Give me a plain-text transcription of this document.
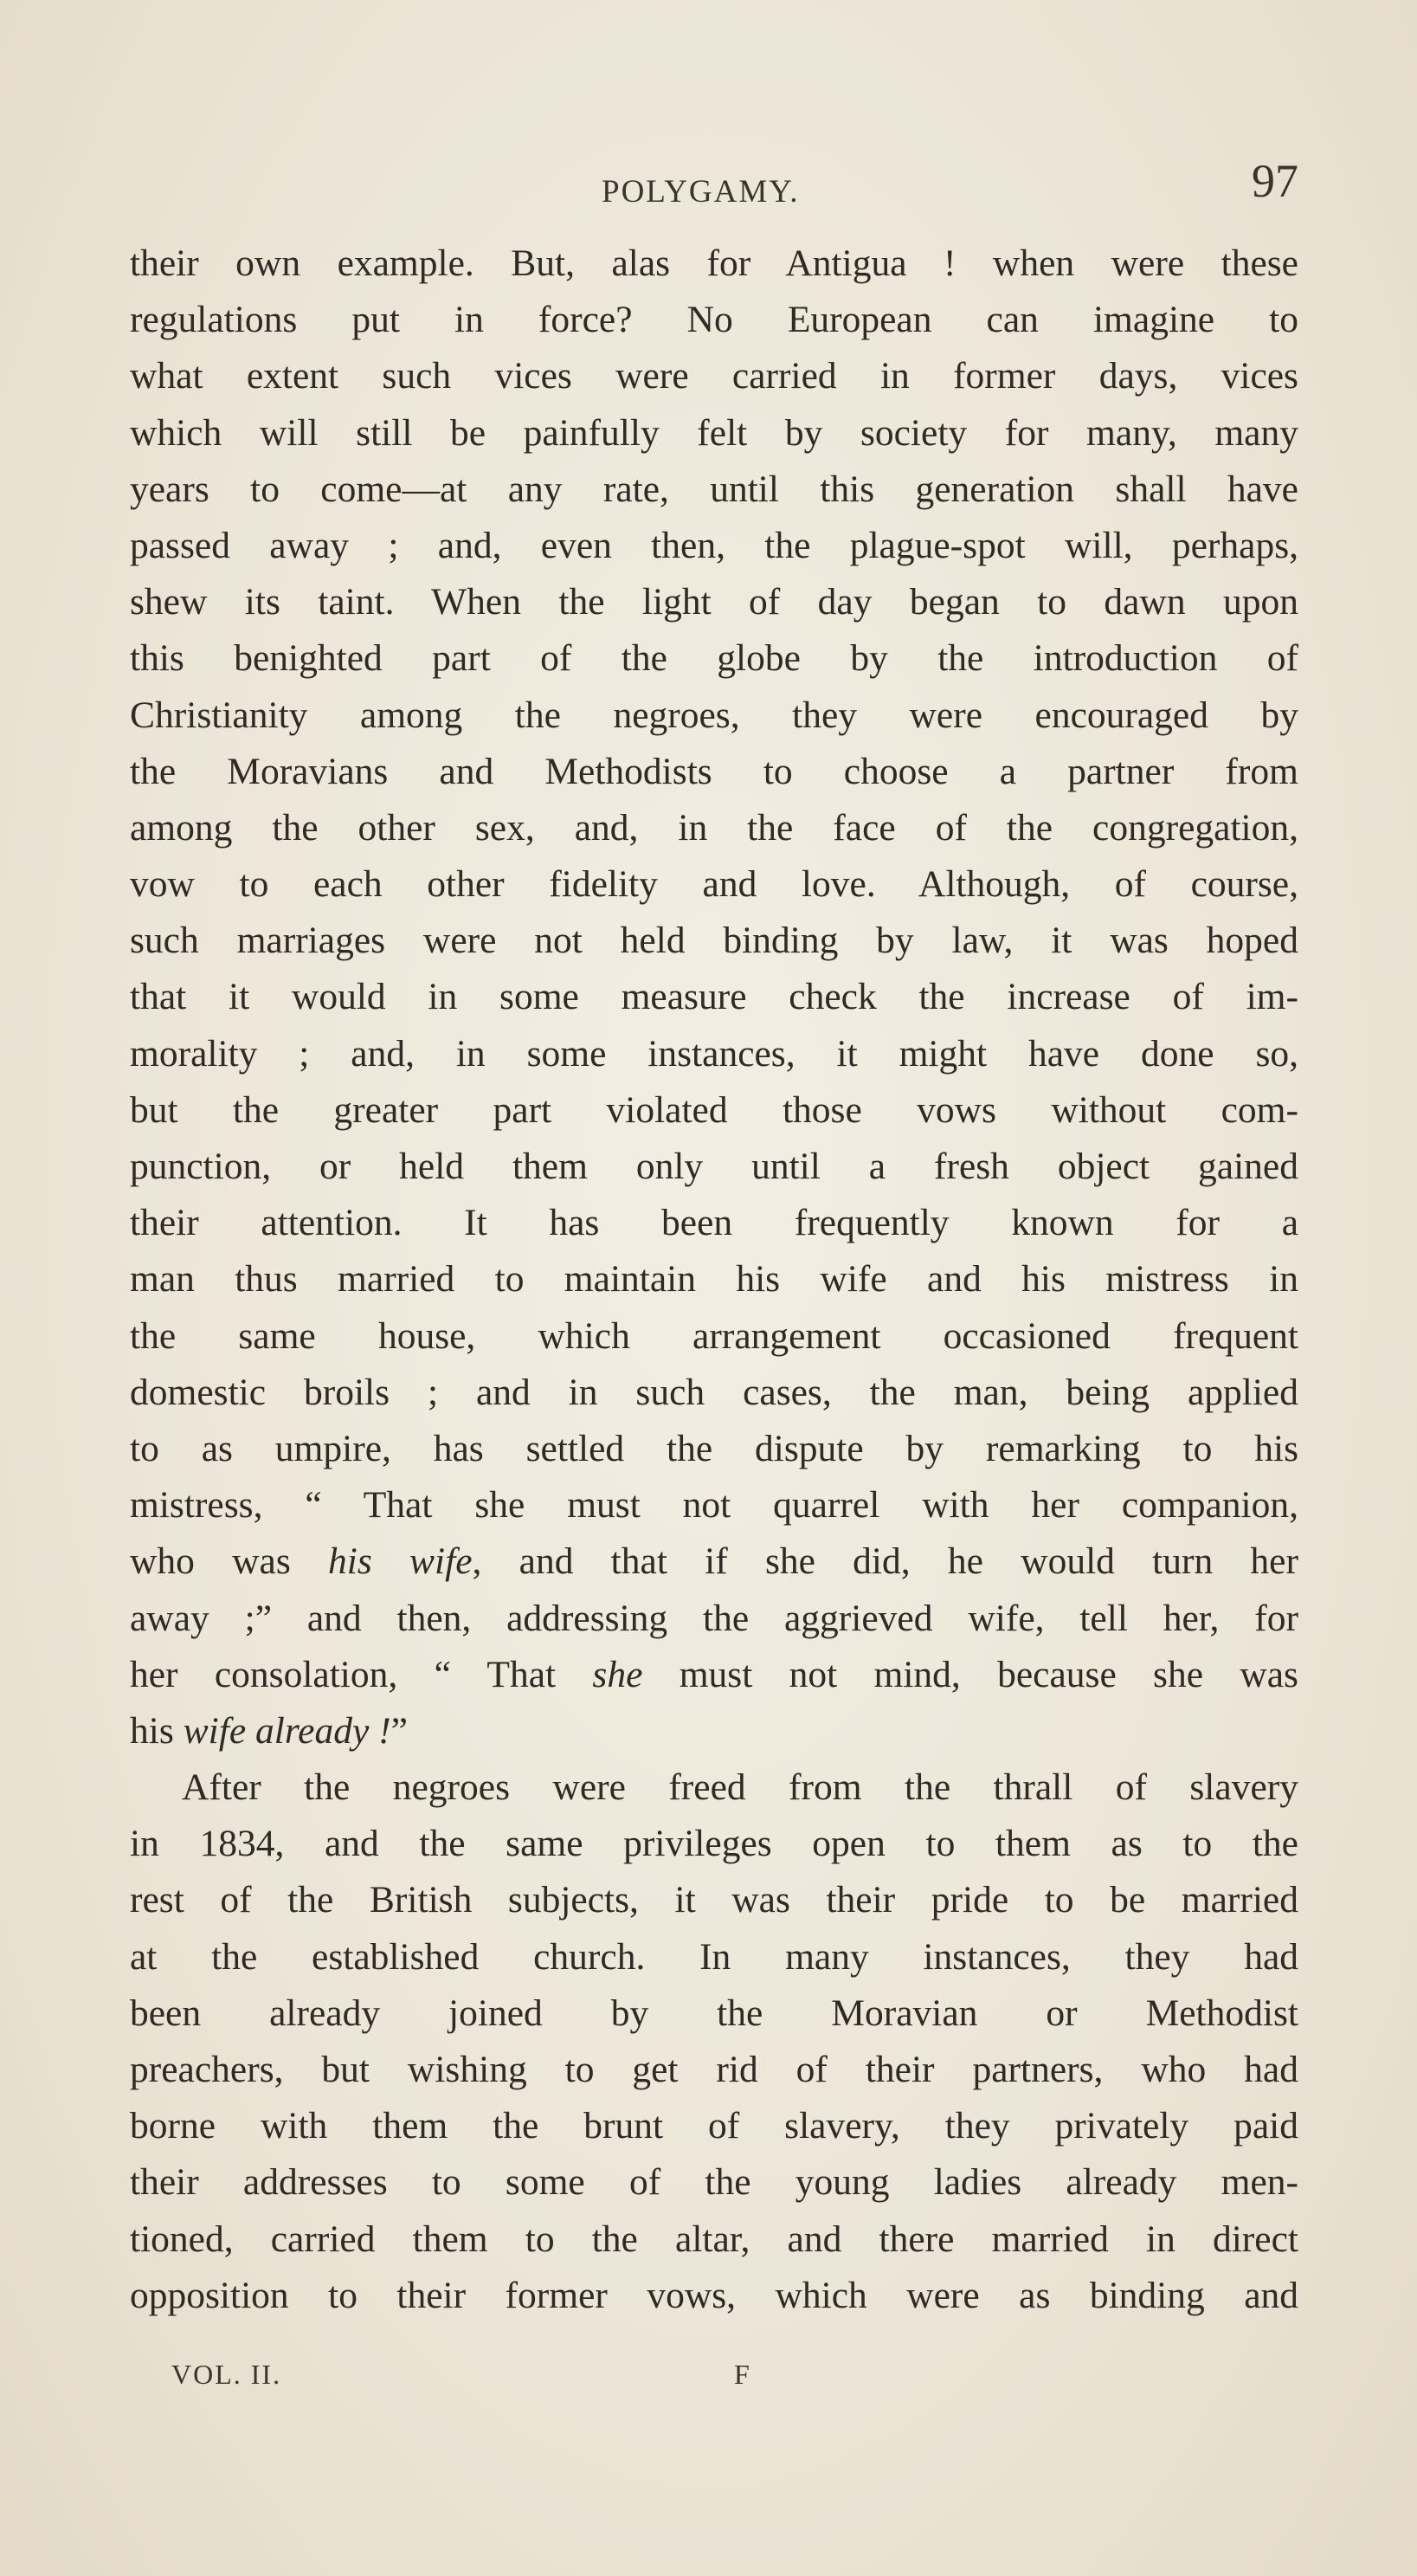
POLYGAMY.	97
their own example. But, alas for Antigua ! when were these
regulations put in force? No European can imagine to
what extent such vices were carried in former days, vices
which will still be painfully felt by society for many, many
years to come—at any rate, until this generation shall have
passed away ; and, even then, the plague-spot will, perhaps,
shew its taint. When the light of day began to dawn upon
this benighted part of the globe by the introduction of
Christianity among the negroes, they were encouraged by
the Moravians and Methodists to choose a partner from
among the other sex, and, in the face of the congregation,
vow to each other fidelity and love. Although, of course,
such marriages were not held binding by law, it was hoped
that it would in some measure check the increase of im-
morality ; and, in some instances, it might have done so,
but the greater part violated those vows without com-
punction, or held them only until a fresh object gained
their attention. It has been frequently known for a
man thus married to maintain his wife and his mistress in
the same house, which arrangement occasioned frequent
domestic broils ; and in such cases, the man, being applied
to as umpire, has settled the dispute by remarking to his
mistress, “ That she must not quarrel with her companion,
who was his wife, and that if she did, he would turn her
away ;” and then, addressing the aggrieved wife, tell her, for
her consolation, “ That she must not mind, because she was
his wife already !”
After the negroes were freed from the thrall of slavery
in 1834, and the same privileges open to them as to the
rest of the British subjects, it was their pride to be married
at the established church. In many instances, they had
been already joined by the Moravian or Methodist
preachers, but wishing to get rid of their partners, who had
borne with them the brunt of slavery, they privately paid
their addresses to some of the young ladies already men-
tioned, carried them to the altar, and there married in direct
opposition to their former vows, which were as binding and
VOL. II.	F
